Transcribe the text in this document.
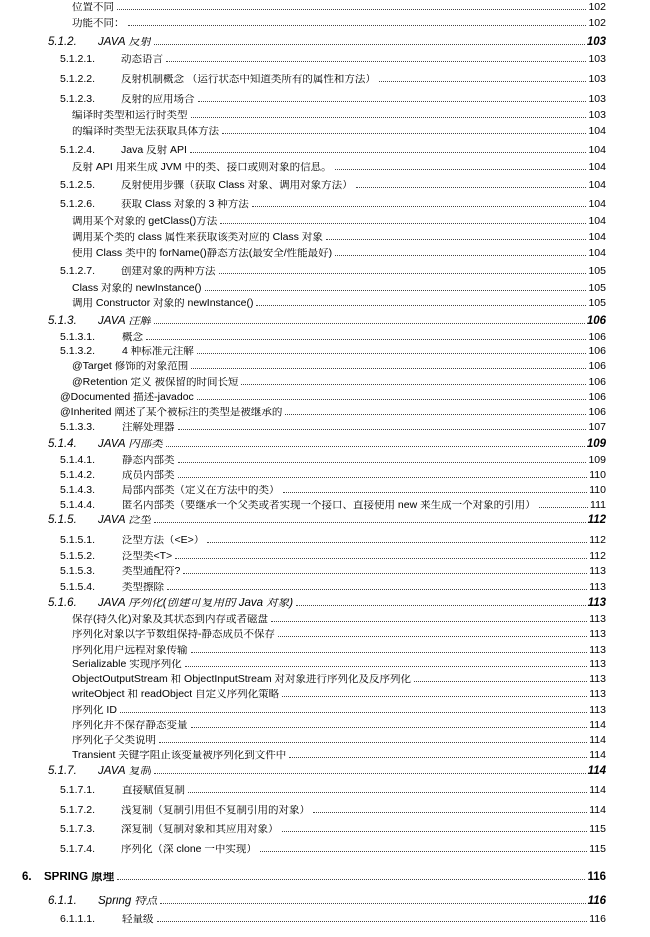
位置不同	102
功能不同：	102
5.1.2.	JAVA 反射	103
5.1.2.1.	动态语言	103
5.1.2.2.	反射机制概念 （运行状态中知道类所有的属性和方法）	103
5.1.2.3.	反射的应用场合	103
编译时类型和运行时类型	103
的编译时类型无法获取具体方法	104
5.1.2.4.	Java 反射 API	104
反射 API 用来生成 JVM 中的类、接口或则对象的信息。	104
5.1.2.5.	反射使用步骤（获取 Class 对象、调用对象方法）	104
5.1.2.6.	获取 Class 对象的 3 种方法	104
调用某个对象的 getClass()方法	104
调用某个类的 class 属性来获取该类对应的 Class 对象	104
使用 Class 类中的 forName()静态方法(最安全/性能最好)	104
5.1.2.7.	创建对象的两种方法	105
Class 对象的 newInstance()	105
调用 Constructor 对象的 newInstance()	105
5.1.3.	JAVA 注解	106
5.1.3.1.	概念	106
5.1.3.2.	4 种标准元注解	106
@Target 修饰的对象范围	106
@Retention 定义 被保留的时间长短	106
@Documented 描述-javadoc	106
@Inherited 阐述了某个被标注的类型是被继承的	106
5.1.3.3.	注解处理器	107
5.1.4.	JAVA 内部类	109
5.1.4.1.	静态内部类	109
5.1.4.2.	成员内部类	110
5.1.4.3.	局部内部类（定义在方法中的类）	110
5.1.4.4.	匿名内部类（要继承一个父类或者实现一个接口、直接使用 new 来生成一个对象的引用）	111
5.1.5.	JAVA 泛型	112
5.1.5.1.	泛型方法（<E>）	112
5.1.5.2.	泛型类<T>	112
5.1.5.3.	类型通配符?	113
5.1.5.4.	类型擦除	113
5.1.6.	JAVA 序列化(创建可复用的 Java 对象)	113
保存(持久化)对象及其状态到内存或者磁盘	113
序列化对象以字节数组保持-静态成员不保存	113
序列化用户远程对象传输	113
Serializable 实现序列化	113
ObjectOutputStream 和 ObjectInputStream 对对象进行序列化及反序列化	113
writeObject 和 readObject 自定义序列化策略	113
序列化 ID	113
序列化并不保存静态变量	114
序列化子父类说明	114
Transient 关键字阻止该变量被序列化到文件中	114
5.1.7.	JAVA 复制	114
5.1.7.1.	直接赋值复制	114
5.1.7.2.	浅复制（复制引用但不复制引用的对象）	114
5.1.7.3.	深复制（复制对象和其应用对象）	115
5.1.7.4.	序列化（深 clone 一中实现）	115
6.	SPRING 原理	116
6.1.1.	Spring 特点	116
6.1.1.1.	轻量级	116
